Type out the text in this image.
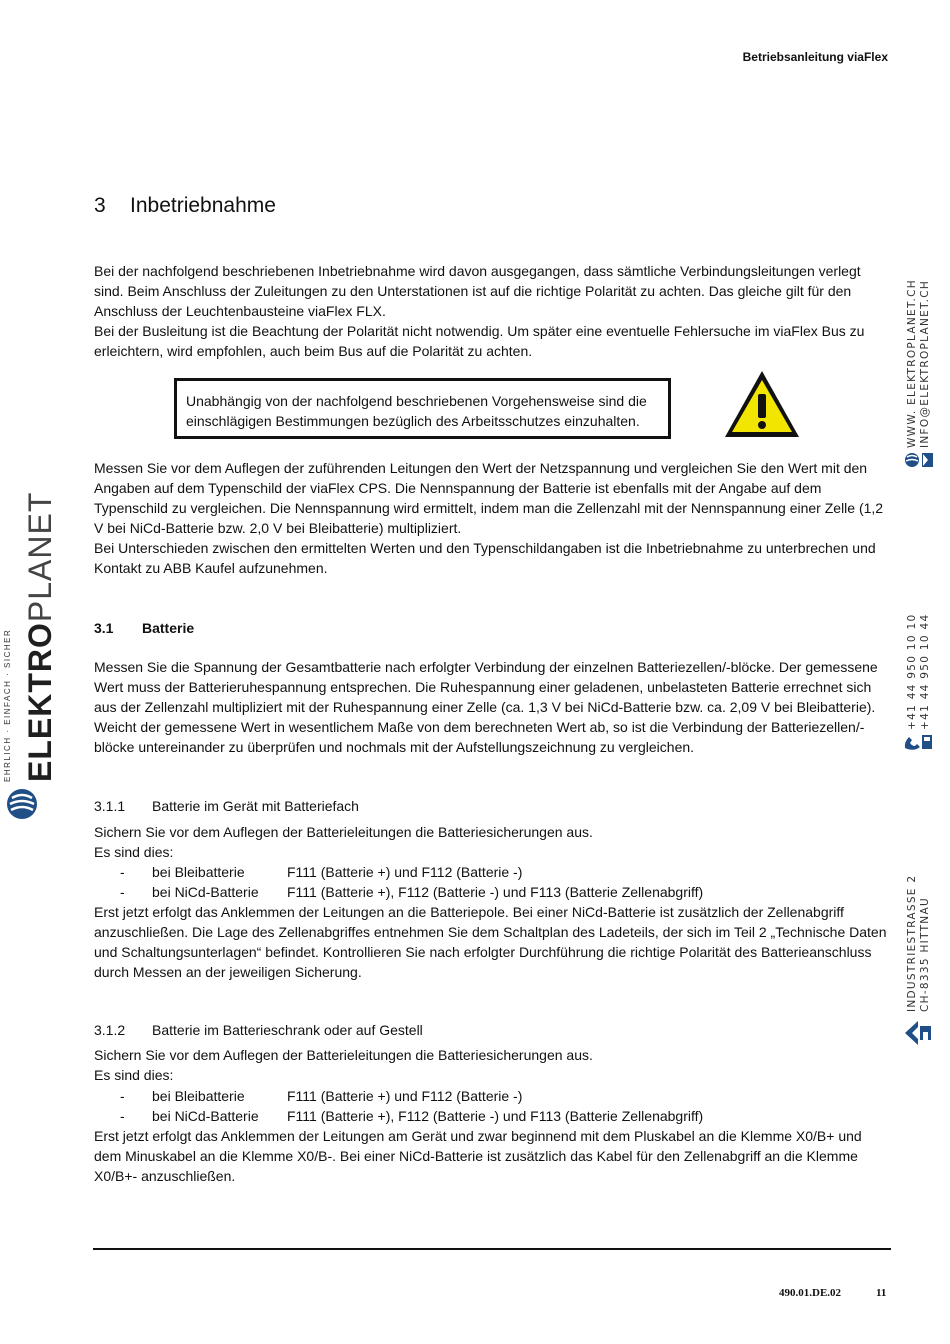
Betriebsanleitung viaFlex
3 Inbetriebnahme

Bei der nachfolgend beschriebenen Inbetriebnahme wird davon ausgegangen, dass sämtliche Verbindungsleitungen verlegt sind. Beim Anschluss der Zuleitungen zu den Unterstationen ist auf die richtige Polarität zu achten. Das gleiche gilt für den Anschluss der Leuchtenbausteine viaFlex FLX.

Bei der Busleitung ist die Beachtung der Polarität nicht notwendig. Um später eine eventuelle Fehlersuche im viaFlex Bus zu erleichtern, wird empfohlen, auch beim Bus auf die Polarität zu achten.

Unabhängig von der nachfolgend beschriebenen Vorgehensweise sind die einschlägigen Bestimmungen bezüglich des Arbeitsschutzes einzuhalten.

Messen Sie vor dem Auflegen der zuführenden Leitungen den Wert der Netzspannung und vergleichen Sie den Wert mit den Angaben auf dem Typenschild der viaFlex CPS. Die Nennspannung der Batterie ist ebenfalls mit der Angabe auf dem Typenschild zu vergleichen. Die Nennspannung wird ermittelt, indem man die Zellenzahl mit der Nennspannung einer Zelle (1,2 V bei NiCd-Batterie bzw. 2,0 V bei Bleibatterie) multipliziert.

Bei Unterschieden zwischen den ermittelten Werten und den Typenschildangaben ist die Inbetriebnahme zu unterbrechen und Kontakt zu ABB Kaufel aufzunehmen.

3.1 Batterie
Messen Sie die Spannung der Gesamtbatterie nach erfolgter Verbindung der einzelnen Batteriezellen/-blöcke. Der gemessene Wert muss der Batterieruhespannung entsprechen. Die Ruhespannung einer geladenen, unbelasteten Batterie errechnet sich aus der Zellenzahl multipliziert mit der Ruhespannung einer Zelle (ca. 1,3 V bei NiCd-Batterie bzw. ca. 2,09 V bei Bleibatterie). Weicht der gemessene Wert in wesentlichem Maße von dem berechneten Wert ab, so ist die Verbindung der Batteriezellen/-blöcke untereinander zu überprüfen und nochmals mit der Aufstellungszeichnung zu vergleichen.
3.1.1 Batterie im Gerät mit Batteriefach
Sichern Sie vor dem Auflegen der Batterieleitungen die Batteriesicherungen aus.
Es sind dies:
- bei Bleibatterie	F111 (Batterie +) und F112 (Batterie -)
- bei NiCd-Batterie F111 (Batterie +), F112 (Batterie -) und F113 (Batterie Zellenabgriff)
Erst jetzt erfolgt das Anklemmen der Leitungen an die Batteriepole. Bei einer NiCd-Batterie ist zusätzlich der Zellenabgriff anzuschließen. Die Lage des Zellenabgriffes entnehmen Sie dem Schaltplan des Ladeteils, der sich im Teil 2 „Technische Daten und Schaltungsunterlagen“ befindet. Kontrollieren Sie nach erfolgter Durchführung die richtige Polarität des Batterieanschluss durch Messen an der jeweiligen Sicherung.
3.1.2 Batterie im Batterieschrank oder auf Gestell
Sichern Sie vor dem Auflegen der Batterieleitungen die Batteriesicherungen aus.
Es sind dies:
- bei Bleibatterie	F111 (Batterie +) und F112 (Batterie -)
- bei NiCd-Batterie F111 (Batterie +), F112 (Batterie -) und F113 (Batterie Zellenabgriff)
Erst jetzt erfolgt das Anklemmen der Leitungen am Gerät und zwar beginnend mit dem Pluskabel an die Klemme X0/B+ und dem Minuskabel an die Klemme X0/B-. Bei einer NiCd-Batterie ist zusätzlich das Kabel für den Zellenabgriff an die Klemme X0/B+- anzuschließen.
490.01.DE.02	11
ELEKTROPLANET
EHRLICH · EINFACH · SICHER
WWW. ELEKTROPLANET.CH INFO@ELEKTROPLANET.CH
+41 44 950 10 10 +41 44 950 10 44
INDUSTRIESTRASSE 2 CH-8335 HITTNAU
